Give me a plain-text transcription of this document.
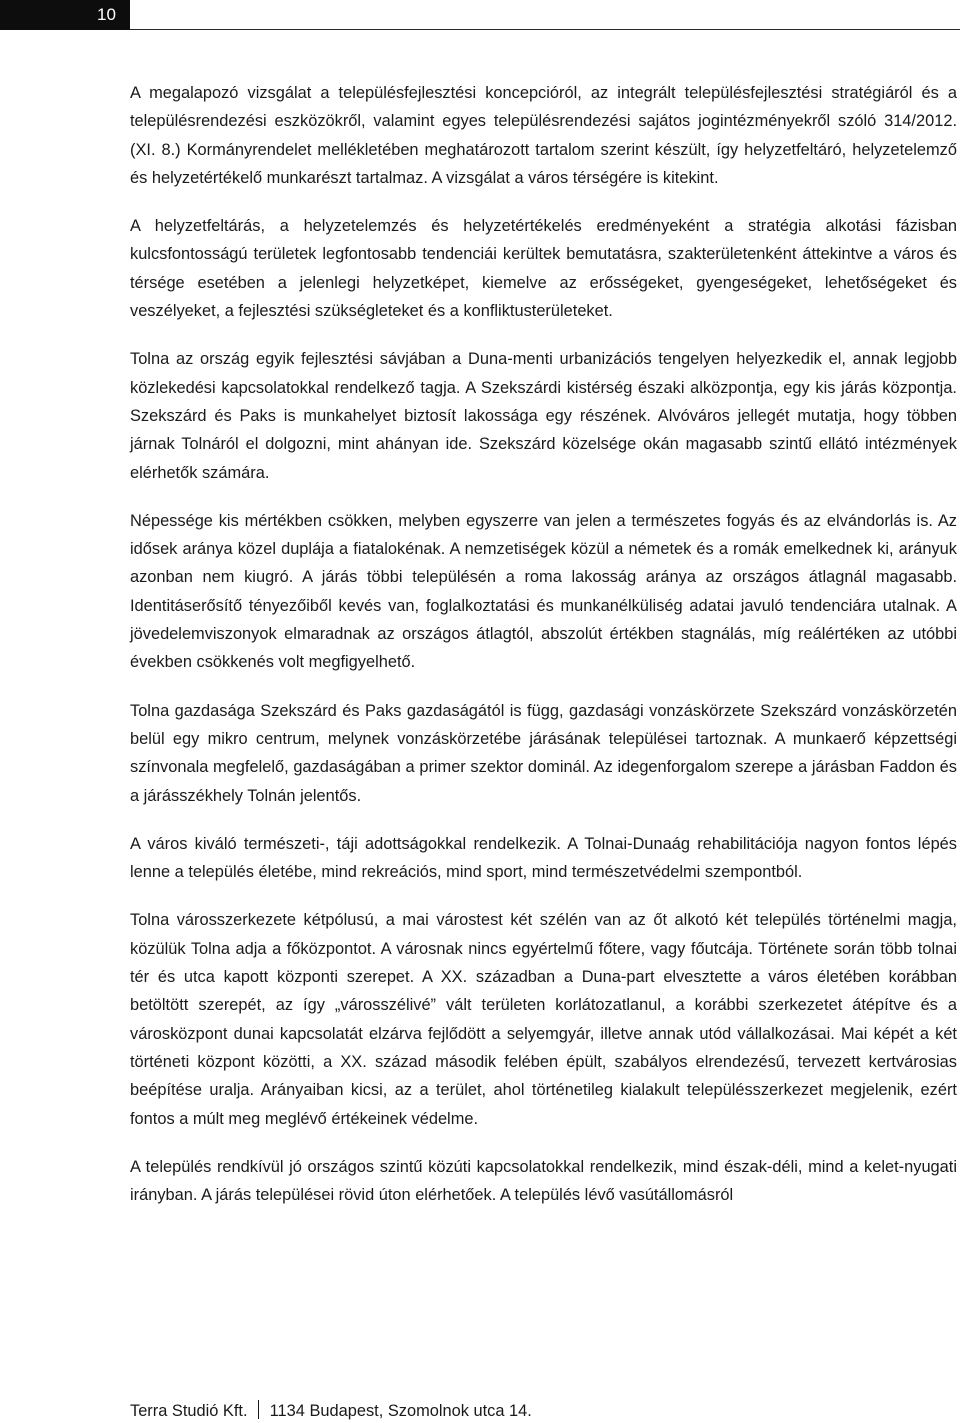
10

A megalapozó vizsgálat a településfejlesztési koncepcióról, az integrált településfejlesztési stratégiáról és a településrendezési eszközökről, valamint egyes településrendezési sajátos jogintézményekről szóló 314/2012. (XI. 8.) Kormányrendelet mellékletében meghatározott tartalom szerint készült, így helyzetfeltáró, helyzetelemző és helyzetértékelő munkarészt tartalmaz. A vizsgálat a város térségére is kitekint.

A helyzetfeltárás, a helyzetelemzés és helyzetértékelés eredményeként a stratégia alkotási fázisban kulcsfontosságú területek legfontosabb tendenciái kerültek bemutatásra, szakterületenként áttekintve a város és térsége esetében a jelenlegi helyzetképet, kiemelve az erősségeket, gyengeségeket, lehetőségeket és veszélyeket, a fejlesztési szükségleteket és a konfliktusterületeket.

Tolna az ország egyik fejlesztési sávjában a Duna-menti urbanizációs tengelyen helyezkedik el, annak legjobb közlekedési kapcsolatokkal rendelkező tagja. A Szekszárdi kistérség északi alközpontja, egy kis járás központja. Szekszárd és Paks is munkahelyet biztosít lakossága egy részének. Alvóváros jellegét mutatja, hogy többen járnak Tolnáról el dolgozni, mint ahányan ide. Szekszárd közelsége okán magasabb szintű ellátó intézmények elérhetők számára.

Népessége kis mértékben csökken, melyben egyszerre van jelen a természetes fogyás és az elvándorlás is. Az idősek aránya közel duplája a fiatalokénak. A nemzetiségek közül a németek és a romák emelkednek ki, arányuk azonban nem kiugró. A járás többi településén a roma lakosság aránya az országos átlagnál magasabb. Identitáserősítő tényezőiből kevés van, foglalkoztatási és munkanélküliség adatai javuló tendenciára utalnak. A jövedelemviszonyok elmaradnak az országos átlagtól, abszolút értékben stagnálás, míg reálértéken az utóbbi években csökkenés volt megfigyelhető.

Tolna gazdasága Szekszárd és Paks gazdaságától is függ, gazdasági vonzáskörzete Szekszárd vonzáskörzetén belül egy mikro centrum, melynek vonzáskörzetébe járásának települései tartoznak. A munkaerő képzettségi színvonala megfelelő, gazdaságában a primer szektor dominál. Az idegenforgalom szerepe a járásban Faddon és a járásszékhely Tolnán jelentős.

A város kiváló természeti-, táji adottságokkal rendelkezik. A Tolnai-Dunaág rehabilitációja nagyon fontos lépés lenne a település életébe, mind rekreációs, mind sport, mind természetvédelmi szempontból.

Tolna városszerkezete kétpólusú, a mai várostest két szélén van az őt alkotó két település történelmi magja, közülük Tolna adja a főközpontot. A városnak nincs egyértelmű főtere, vagy főutcája. Története során több tolnai tér és utca kapott központi szerepet. A XX. században a Duna-part elvesztette a város életében korábban betöltött szerepét, az így „városszélivé” vált területen korlátozatlanul, a korábbi szerkezetet átépítve és a városközpont dunai kapcsolatát elzárva fejlődött a selyemgyár, illetve annak utód vállalkozásai. Mai képét a két történeti központ közötti, a XX. század második felében épült, szabályos elrendezésű, tervezett kertvárosias beépítése uralja. Arányaiban kicsi, az a terület, ahol történetileg kialakult településszerkezet megjelenik, ezért fontos a múlt meg meglévő értékeinek védelme.

A település rendkívül jó országos szintű közúti kapcsolatokkal rendelkezik, mind észak-déli, mind a kelet-nyugati irányban. A járás települései rövid úton elérhetőek. A település lévő vasútállomásról

Terra Studió Kft. 1134 Budapest, Szomolnok utca 14.
